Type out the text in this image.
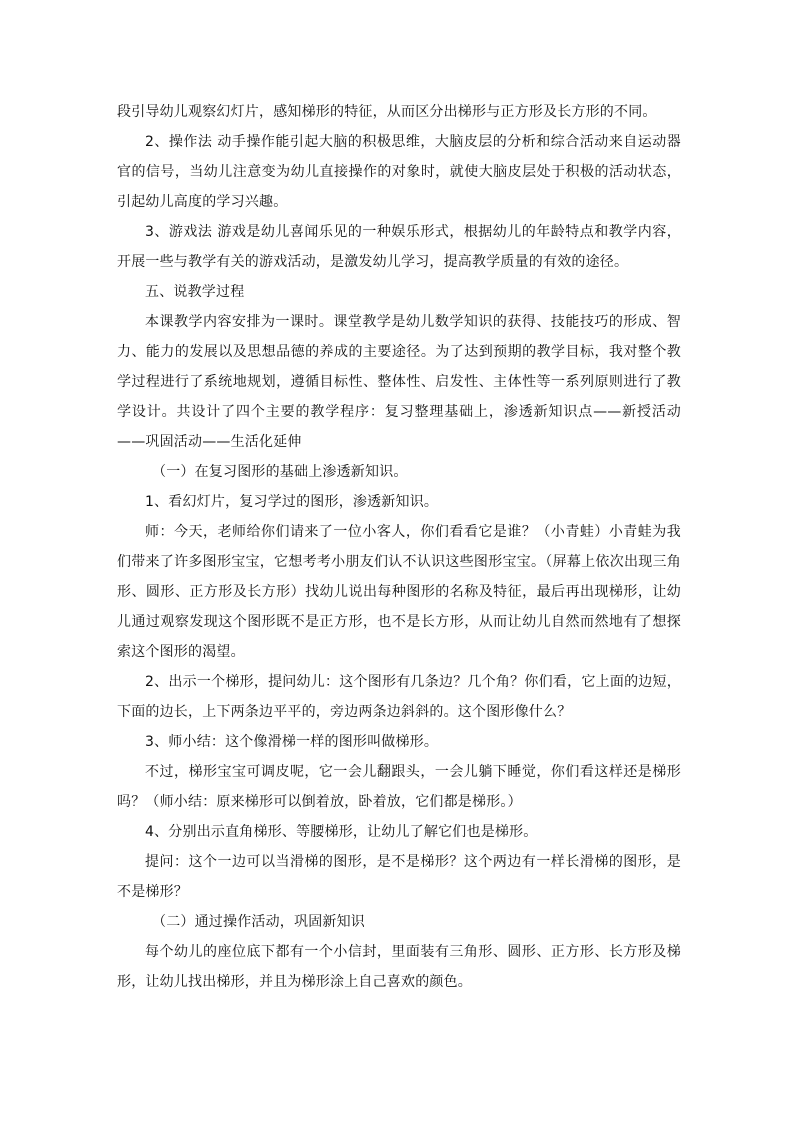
段引导幼儿观察幻灯片，感知梯形的特征，从而区分出梯形与正方形及长方形的不同。

2、操作法 动手操作能引起大脑的积极思维，大脑皮层的分析和综合活动来自运动器官的信号，当幼儿注意变为幼儿直接操作的对象时，就使大脑皮层处于积极的活动状态，引起幼儿高度的学习兴趣。

3、游戏法 游戏是幼儿喜闻乐见的一种娱乐形式，根据幼儿的年龄特点和教学内容，开展一些与教学有关的游戏活动，是激发幼儿学习，提高教学质量的有效的途径。

五、说教学过程

本课教学内容安排为一课时。课堂教学是幼儿数学知识的获得、技能技巧的形成、智力、能力的发展以及思想品德的养成的主要途径。为了达到预期的教学目标，我对整个教学过程进行了系统地规划，遵循目标性、整体性、启发性、主体性等一系列原则进行了教学设计。共设计了四个主要的教学程序：复习整理基础上，渗透新知识点——新授活动——巩固活动——生活化延伸

（一）在复习图形的基础上渗透新知识。

1、看幻灯片，复习学过的图形，渗透新知识。

师：今天，老师给你们请来了一位小客人，你们看看它是谁？（小青蛙）小青蛙为我们带来了许多图形宝宝，它想考考小朋友们认不认识这些图形宝宝。（屏幕上依次出现三角形、圆形、正方形及长方形）找幼儿说出每种图形的名称及特征，最后再出现梯形，让幼儿通过观察发现这个图形既不是正方形，也不是长方形，从而让幼儿自然而然地有了想探索这个图形的渴望。

2、出示一个梯形，提问幼儿：这个图形有几条边？几个角？你们看，它上面的边短，下面的边长，上下两条边平平的，旁边两条边斜斜的。这个图形像什么？

3、师小结：这个像滑梯一样的图形叫做梯形。

不过，梯形宝宝可调皮呢，它一会儿翻跟头，一会儿躺下睡觉，你们看这样还是梯形吗？（师小结：原来梯形可以倒着放，卧着放，它们都是梯形。）

4、分别出示直角梯形、等腰梯形，让幼儿了解它们也是梯形。

提问：这个一边可以当滑梯的图形，是不是梯形？这个两边有一样长滑梯的图形，是不是梯形？

（二）通过操作活动，巩固新知识

每个幼儿的座位底下都有一个小信封，里面装有三角形、圆形、正方形、长方形及梯形，让幼儿找出梯形，并且为梯形涂上自己喜欢的颜色。
